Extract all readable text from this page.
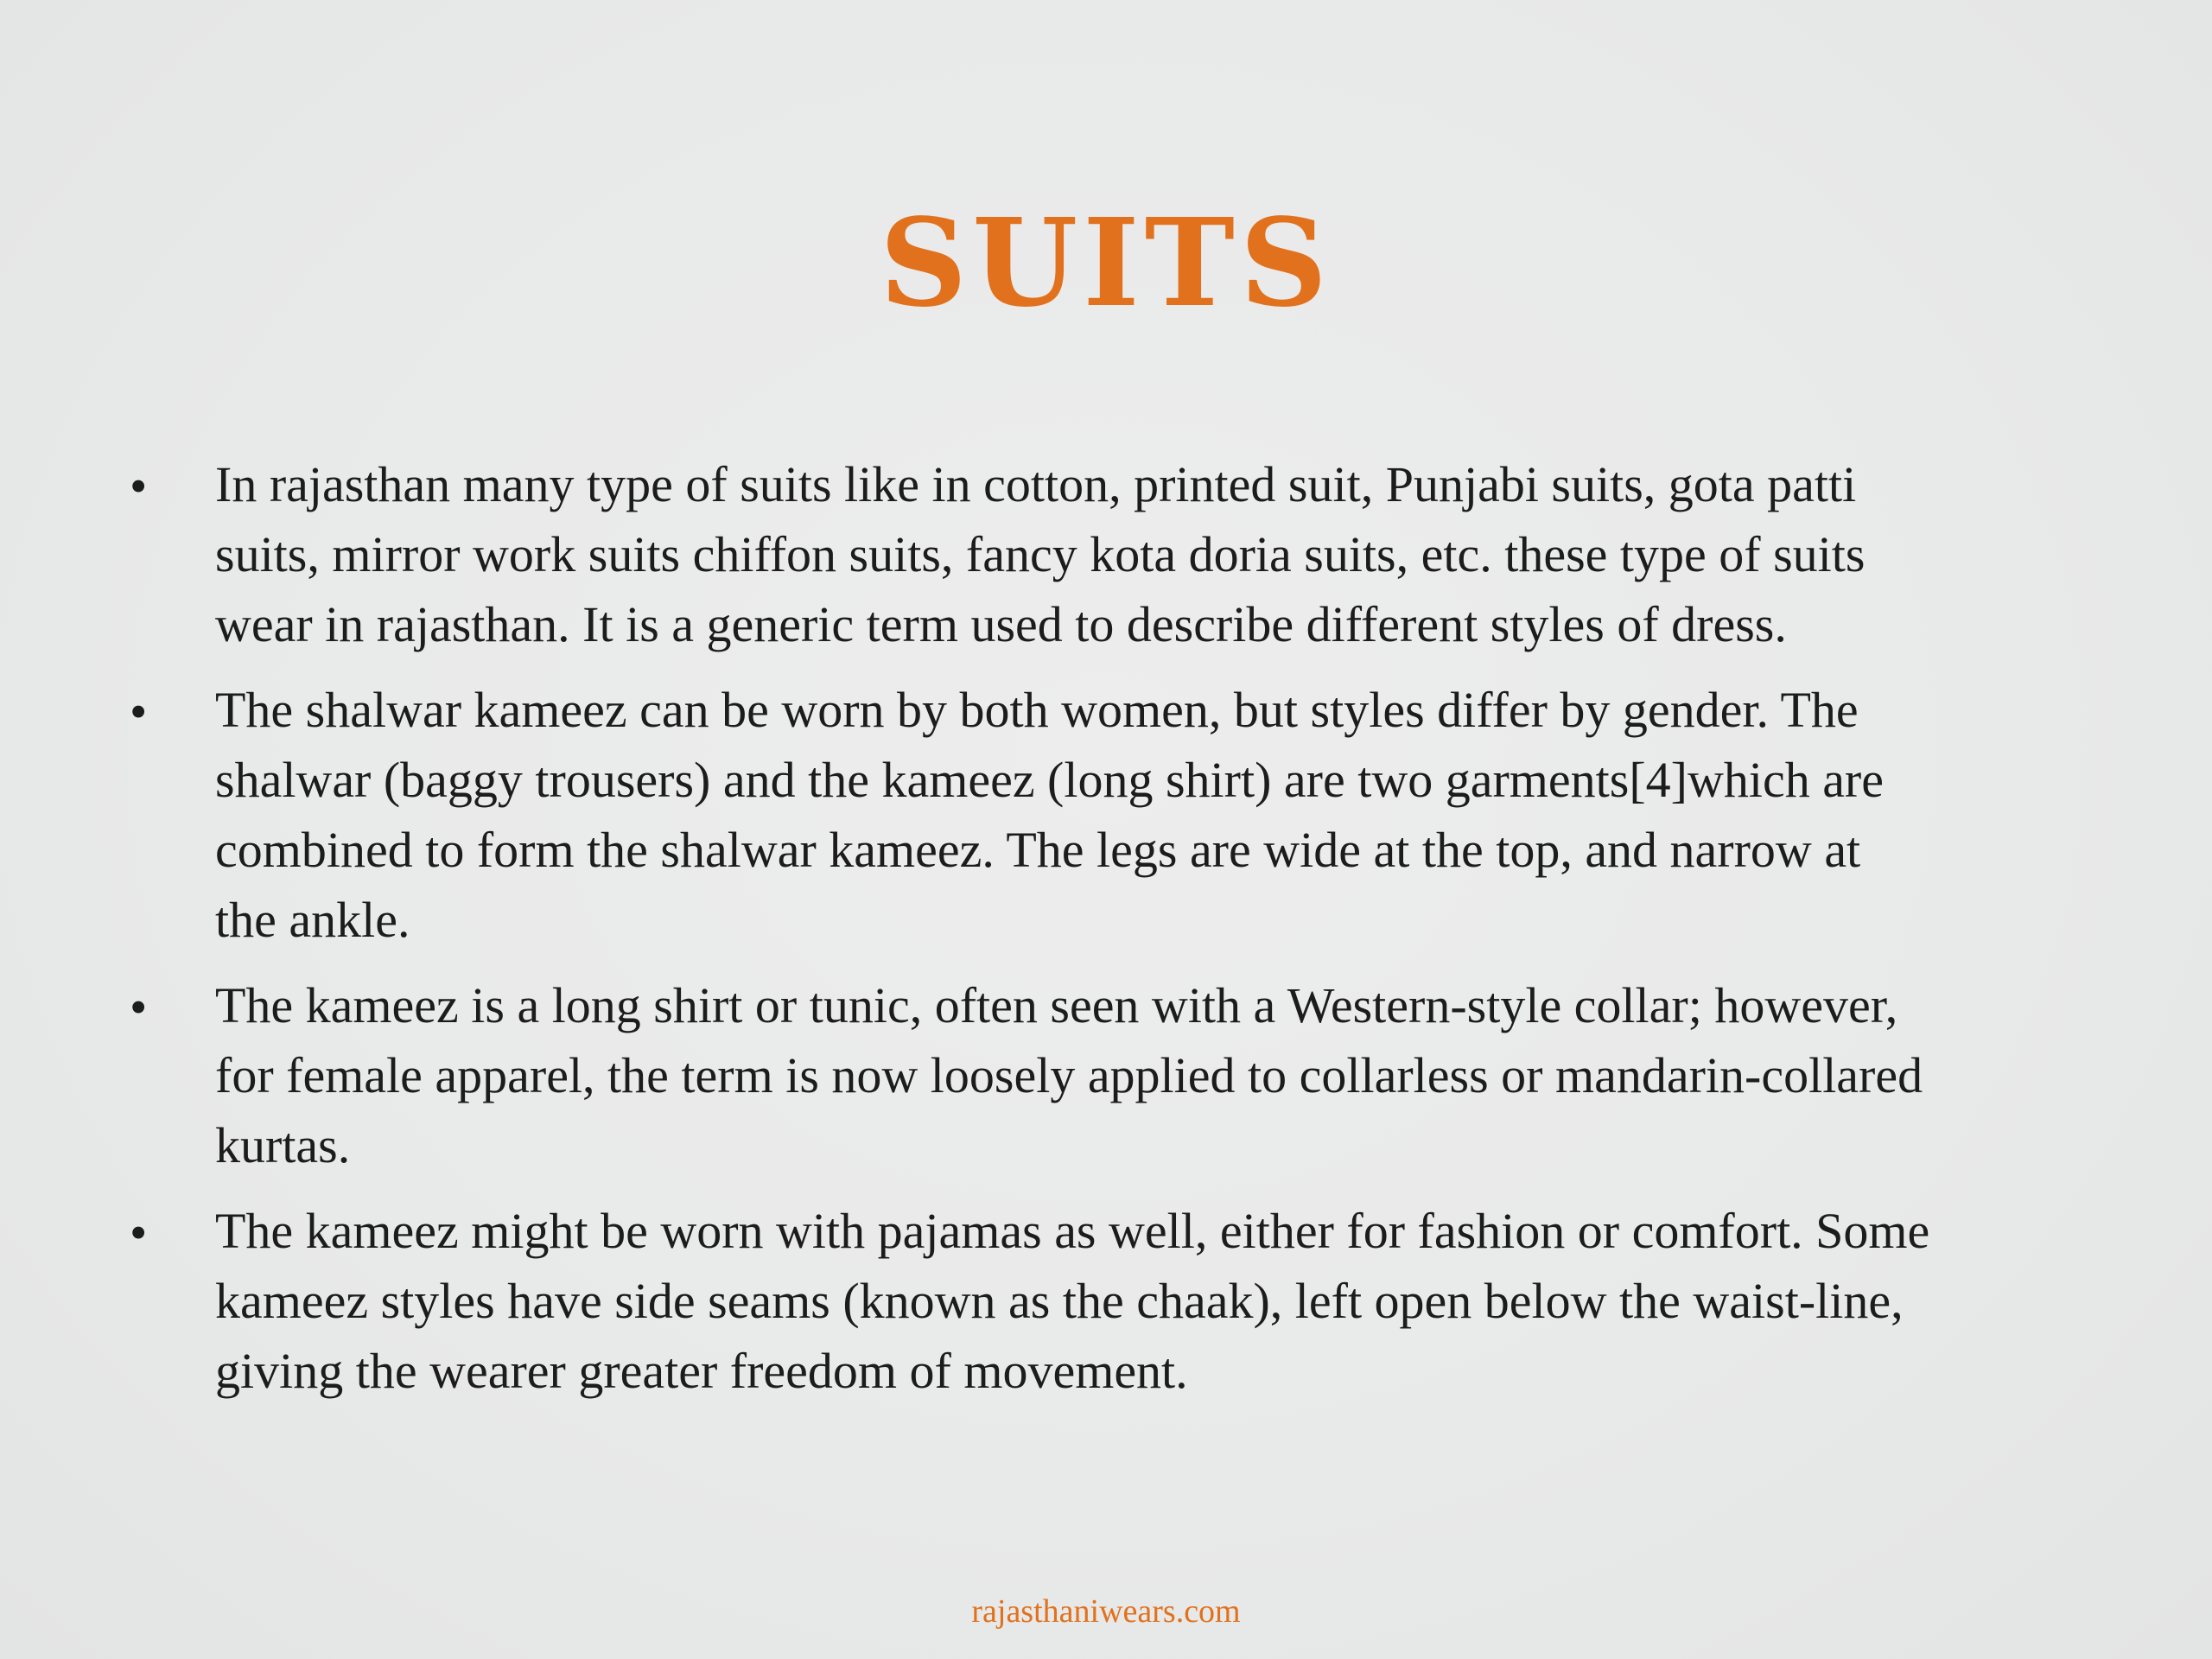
SUITS
•	In rajasthan many type of suits like in cotton, printed suit, Punjabi suits, gota patti
suits, mirror work suits chiffon suits, fancy kota doria suits, etc. these type of suits
wear in rajasthan. It is a generic term used to describe different styles of dress.
•	The shalwar kameez can be worn by both women, but styles differ by gender. The
shalwar (baggy trousers) and the kameez (long shirt) are two garments[4]which are
combined to form the shalwar kameez. The legs are wide at the top, and narrow at
the ankle.
•	The kameez is a long shirt or tunic, often seen with a Western-style collar; however,
for female apparel, the term is now loosely applied to collarless or mandarin-collared
kurtas.
•	The kameez might be worn with pajamas as well, either for fashion or comfort. Some
kameez styles have side seams (known as the chaak), left open below the waist-line,
giving the wearer greater freedom of movement.
rajasthaniwears.com
